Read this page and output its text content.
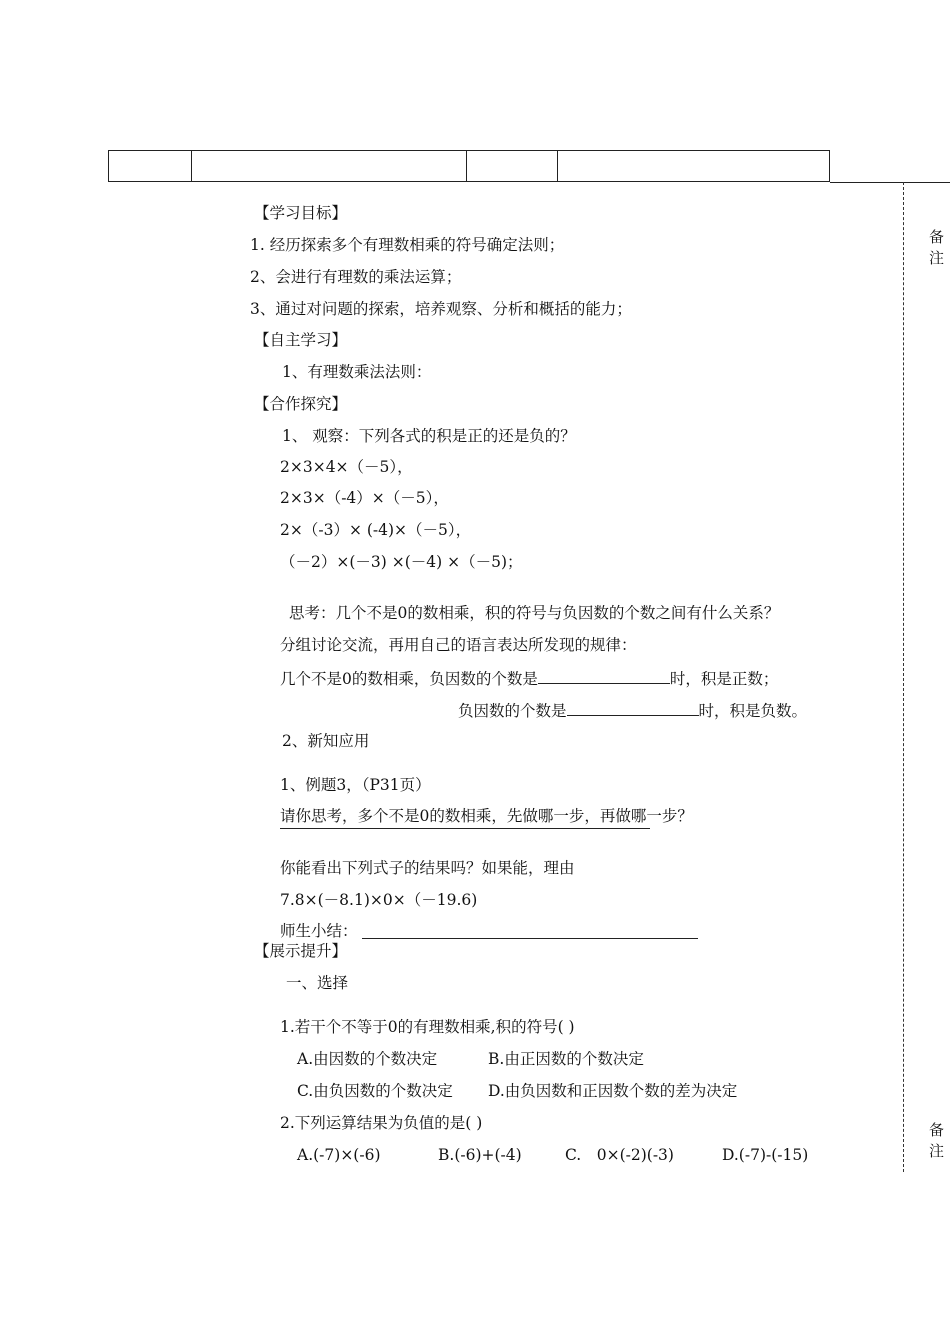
备注
备注
【学习目标】
1. 经历探索多个有理数相乘的符号确定法则；
2、会进行有理数的乘法运算；
3、通过对问题的探索，培养观察、分析和概括的能力；
【自主学习】
1、有理数乘法法则：
【合作探究】
1、 观察：下列各式的积是正的还是负的？
2×3×4×（－5），
2×3×（-4）×（－5），
2×（-3）× (-4)×（－5），
（－2）×(－3) ×(－4) ×（－5)；
思考：几个不是0的数相乘，积的符号与负因数的个数之间有什么关系？
分组讨论交流，再用自己的语言表达所发现的规律：
几个不是0的数相乘，负因数的个数是	时，积是正数；
负因数的个数是	时，积是负数。
2、新知应用
1、例题3，（P31页）
请你思考，多个不是0的数相乘，先做哪一步，再做哪一步？
你能看出下列式子的结果吗？如果能，理由
7.8×(－8.1)×0×（－19.6)
师生小结：
【展示提升】
一、选择
1.若干个不等于0的有理数相乘,积的符号( )
A.由因数的个数决定	B.由正因数的个数决定
C.由负因数的个数决定 D.由负因数和正因数个数的差为决定
2.下列运算结果为负值的是( )
A.(-7)×(-6)	B.(-6)+(-4)	C.　0×(-2)(-3)	D.(-7)-(-15)
